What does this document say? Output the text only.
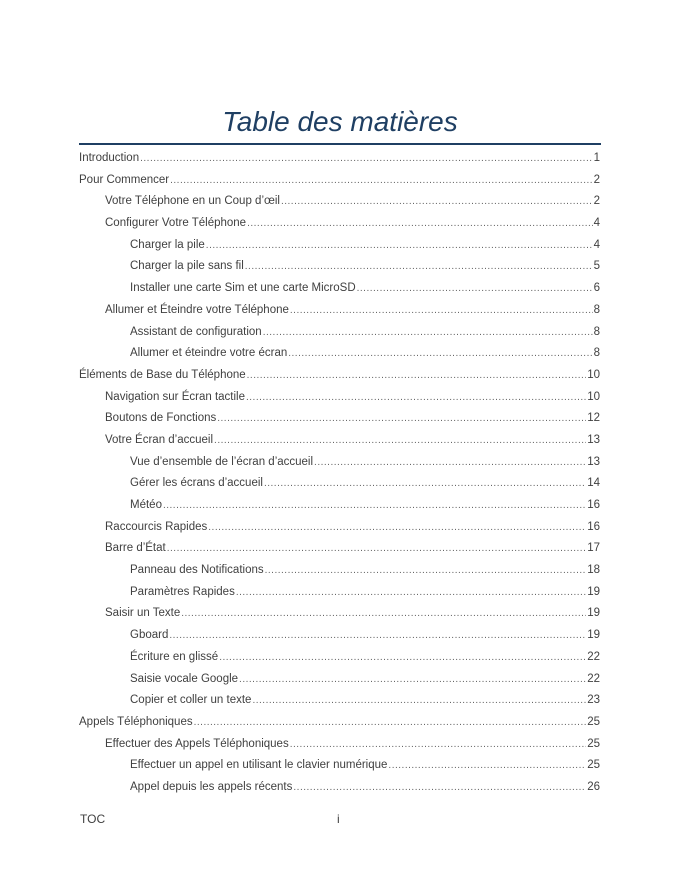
Table des matières
Introduction .....	1
Pour Commencer .....	2
Votre Téléphone en un Coup d’œil .....	2
Configurer Votre Téléphone .....	4
Charger la pile .....	4
Charger la pile sans fil .....	5
Installer une carte Sim et une carte MicroSD .....	6
Allumer et Éteindre votre Téléphone .....	8
Assistant de configuration .....	8
Allumer et éteindre votre écran .....	8
Éléments de Base du Téléphone .....	10
Navigation sur Écran tactile .....	10
Boutons de Fonctions .....	12
Votre Écran d’accueil .....	13
Vue d’ensemble de l’écran d’accueil .....	13
Gérer les écrans d’accueil .....	14
Météo .....	16
Raccourcis Rapides .....	16
Barre d’État .....	17
Panneau des Notifications .....	18
Paramètres Rapides .....	19
Saisir un Texte .....	19
Gboard .....	19
Écriture en glissé .....	22
Saisie vocale Google .....	22
Copier et coller un texte .....	23
Appels Téléphoniques .....	25
Effectuer des Appels Téléphoniques .....	25
Effectuer un appel en utilisant le clavier numérique .....	25
Appel depuis les appels récents .....	26
TOC	i
